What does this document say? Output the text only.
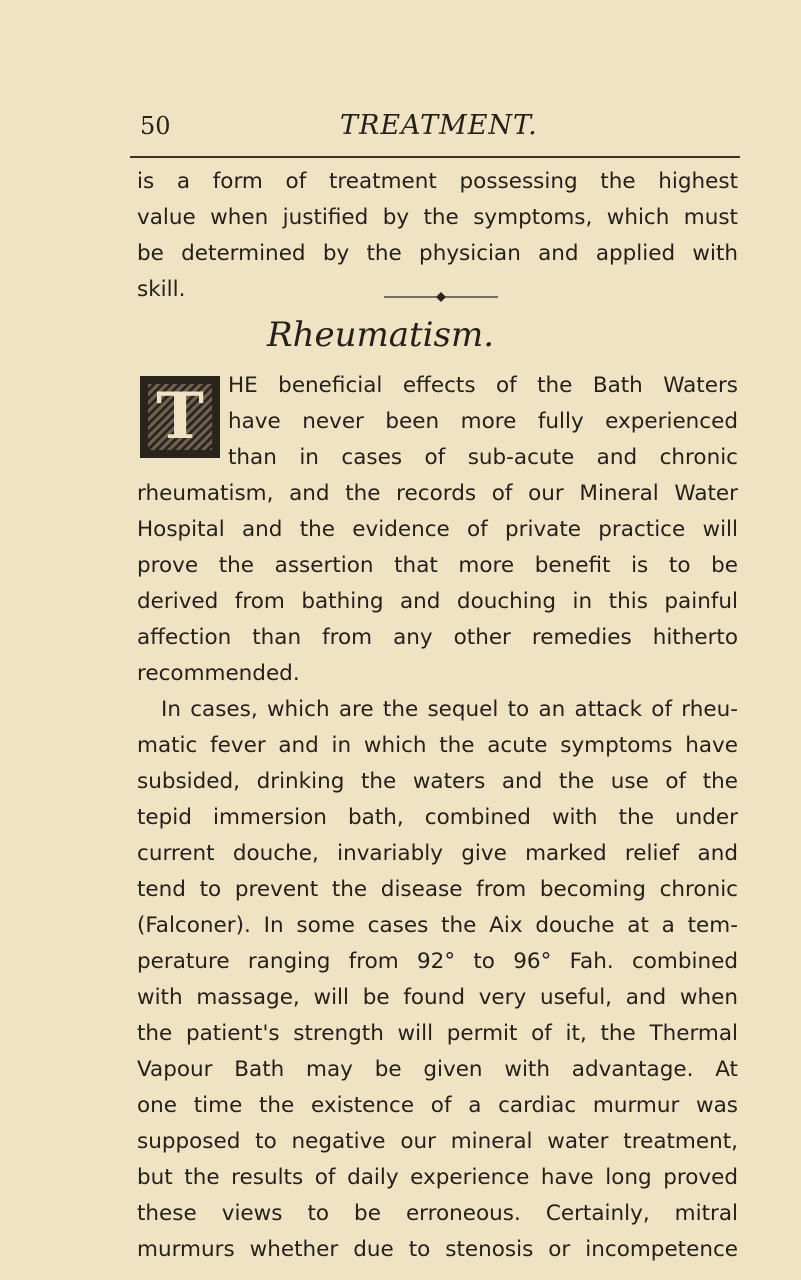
50	TREATMENT.
is a form of treatment possessing the highest
value when justified by the symptoms, which must
be determined by the physician and applied with
skill.
Rheumatism.
T	HE beneficial effects of the Bath Waters
have never been more fully experienced
than in cases of sub-acute and chronic
rheumatism, and the records of our Mineral Water
Hospital and the evidence of private practice will
prove the assertion that more benefit is to be
derived from bathing and douching in this painful
affection than from any other remedies hitherto
recommended.
In cases, which are the sequel to an attack of rheu-
matic fever and in which the acute symptoms have
subsided, drinking the waters and the use of the
tepid immersion bath, combined with the under
current douche, invariably give marked relief and
tend to prevent the disease from becoming chronic
(Falconer). In some cases the Aix douche at a tem-
perature ranging from 92° to 96° Fah. combined
with massage, will be found very useful, and when
the patient's strength will permit of it, the Thermal
Vapour Bath may be given with advantage. At
one time the existence of a cardiac murmur was
supposed to negative our mineral water treatment,
but the results of daily experience have long proved
these views to be erroneous. Certainly, mitral
murmurs whether due to stenosis or incompetence
